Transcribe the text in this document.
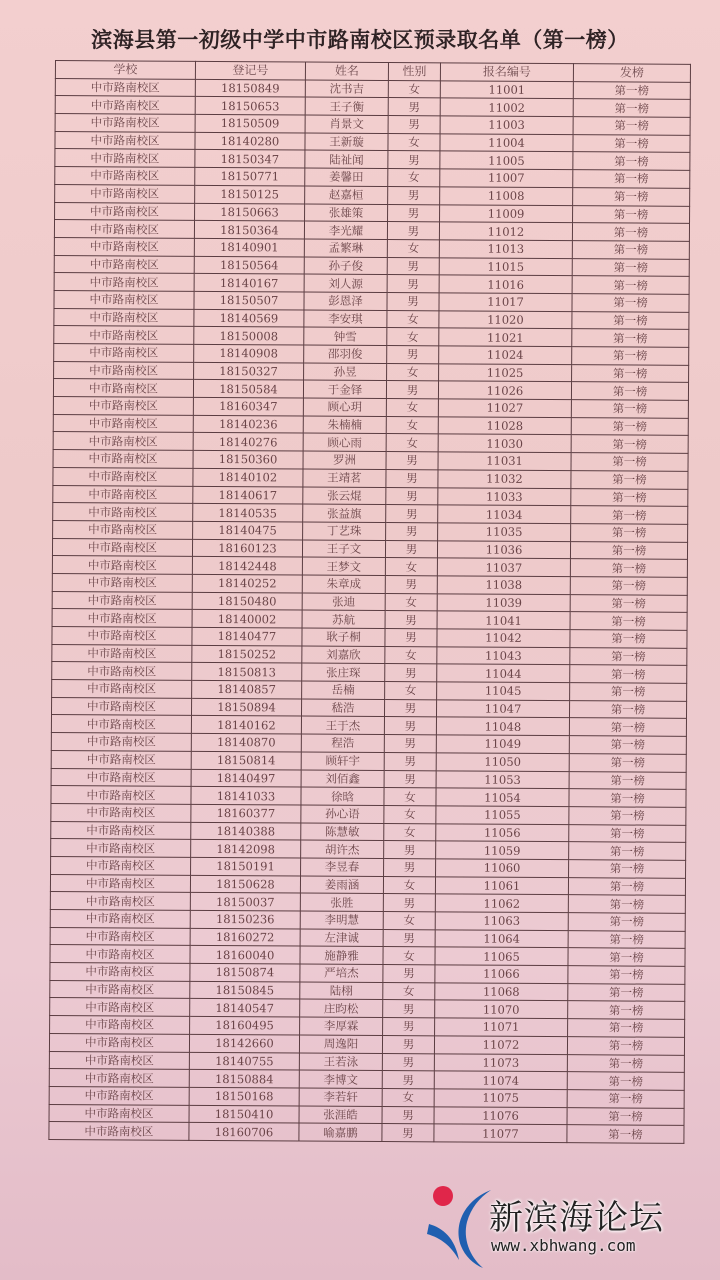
滨海县第一初级中学中市路南校区预录取名单（第一榜）
学校	登记号	姓名	性别	报名编号	发榜
中市路南校区	18150849	沈书吉	女	11001	第一榜
中市路南校区	18150653	王子衡	男	11002	第一榜
中市路南校区	18150509	肖景文	男	11003	第一榜
中市路南校区	18140280	王新璇	女	11004	第一榜
中市路南校区	18150347	陆祉闻	男	11005	第一榜
中市路南校区	18150771	姜馨田	女	11007	第一榜
中市路南校区	18150125	赵嘉桓	男	11008	第一榜
中市路南校区	18150663	张雄策	男	11009	第一榜
中市路南校区	18150364	李光耀	男	11012	第一榜
中市路南校区	18140901	孟繁琳	女	11013	第一榜
中市路南校区	18150564	孙子俊	男	11015	第一榜
中市路南校区	18140167	刘人源	男	11016	第一榜
中市路南校区	18150507	彭恩泽	男	11017	第一榜
中市路南校区	18140569	李安琪	女	11020	第一榜
中市路南校区	18150008	钟雪	女	11021	第一榜
中市路南校区	18140908	邵羽俊	男	11024	第一榜
中市路南校区	18150327	孙昱	女	11025	第一榜
中市路南校区	18150584	于金铎	男	11026	第一榜
中市路南校区	18160347	顾心玥	女	11027	第一榜
中市路南校区	18140236	朱楠楠	女	11028	第一榜
中市路南校区	18140276	顾心雨	女	11030	第一榜
中市路南校区	18150360	罗洲	男	11031	第一榜
中市路南校区	18140102	王靖茗	男	11032	第一榜
中市路南校区	18140617	张云焜	男	11033	第一榜
中市路南校区	18140535	张益旗	男	11034	第一榜
中市路南校区	18140475	丁艺珠	男	11035	第一榜
中市路南校区	18160123	王子文	男	11036	第一榜
中市路南校区	18142448	王梦文	女	11037	第一榜
中市路南校区	18140252	朱章成	男	11038	第一榜
中市路南校区	18150480	张迪	女	11039	第一榜
中市路南校区	18140002	苏航	男	11041	第一榜
中市路南校区	18140477	耿子桐	男	11042	第一榜
中市路南校区	18150252	刘嘉欣	女	11043	第一榜
中市路南校区	18150813	张庄琛	男	11044	第一榜
中市路南校区	18140857	岳楠	女	11045	第一榜
中市路南校区	18150894	嵇浩	男	11047	第一榜
中市路南校区	18140162	王于杰	男	11048	第一榜
中市路南校区	18140870	程浩	男	11049	第一榜
中市路南校区	18150814	顾轩宇	男	11050	第一榜
中市路南校区	18140497	刘佰鑫	男	11053	第一榜
中市路南校区	18141033	徐晗	女	11054	第一榜
中市路南校区	18160377	孙心语	女	11055	第一榜
中市路南校区	18140388	陈慧敏	女	11056	第一榜
中市路南校区	18142098	胡许杰	男	11059	第一榜
中市路南校区	18150191	李昱春	男	11060	第一榜
中市路南校区	18150628	姜雨涵	女	11061	第一榜
中市路南校区	18150037	张胜	男	11062	第一榜
中市路南校区	18150236	李明慧	女	11063	第一榜
中市路南校区	18160272	左津诚	男	11064	第一榜
中市路南校区	18160040	施静雅	女	11065	第一榜
中市路南校区	18150874	严培杰	男	11066	第一榜
中市路南校区	18150845	陆栩	女	11068	第一榜
中市路南校区	18140547	庄昀松	男	11070	第一榜
中市路南校区	18160495	李厚霖	男	11071	第一榜
中市路南校区	18142660	周逸阳	男	11072	第一榜
中市路南校区	18140755	王若泳	男	11073	第一榜
中市路南校区	18150884	李博文	男	11074	第一榜
中市路南校区	18150168	李若轩	女	11075	第一榜
中市路南校区	18150410	张涯皓	男	11076	第一榜
中市路南校区	18160706	喻嘉鹏	男	11077	第一榜
新滨海论坛
www.xbhwang.com
